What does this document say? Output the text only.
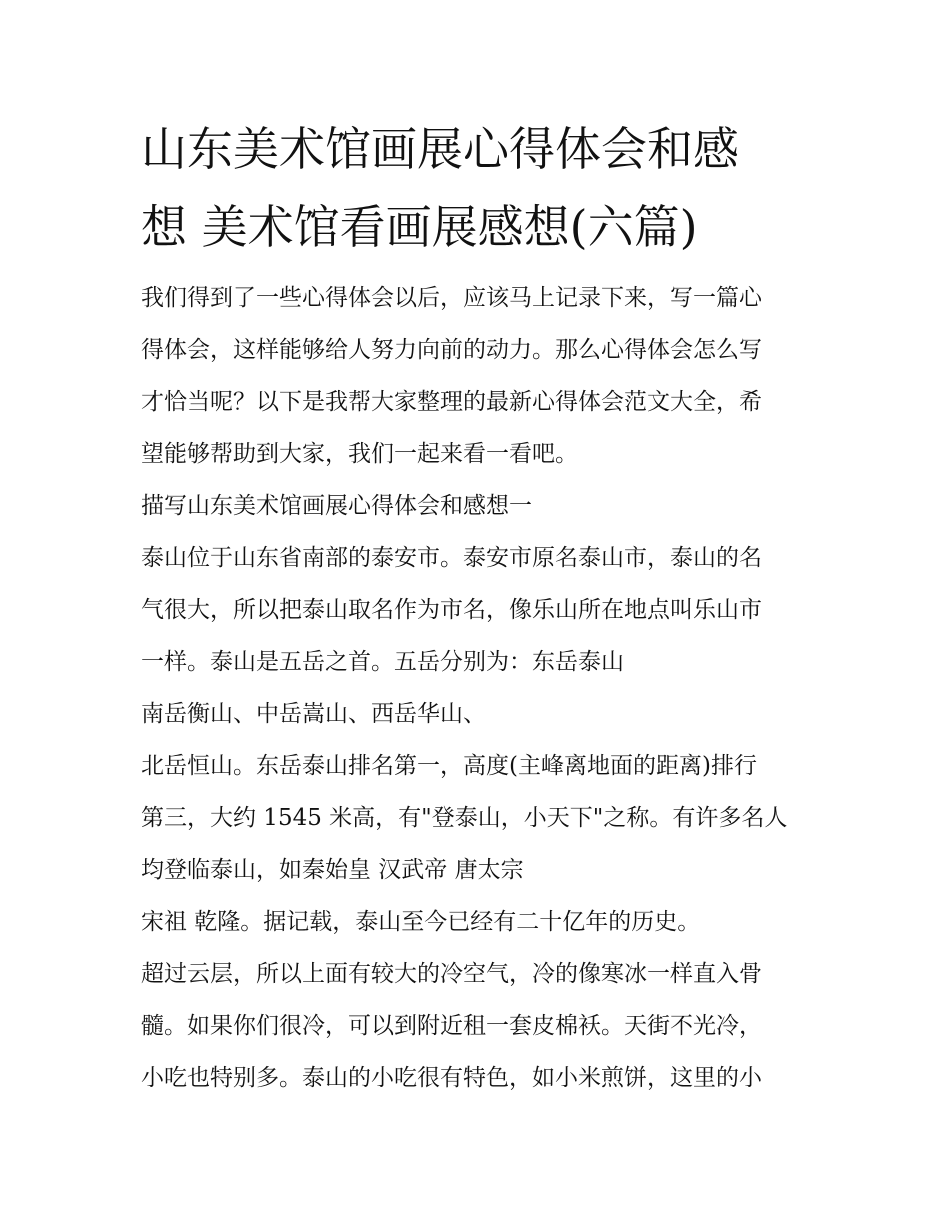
山东美术馆画展心得体会和感
想 美术馆看画展感想(六篇)

我们得到了一些心得体会以后，应该马上记录下来，写一篇心

得体会，这样能够给人努力向前的动力。那么心得体会怎么写

才恰当呢？以下是我帮大家整理的最新心得体会范文大全，希

望能够帮助到大家，我们一起来看一看吧。

描写山东美术馆画展心得体会和感想一

泰山位于山东省南部的泰安市。泰安市原名泰山市，泰山的名

气很大，所以把泰山取名作为市名，像乐山所在地点叫乐山市

一样。泰山是五岳之首。五岳分别为：东岳泰山

南岳衡山、中岳嵩山、西岳华山、

北岳恒山。东岳泰山排名第一，高度(主峰离地面的距离)排行

第三，大约 1545 米高，有"登泰山，小天下"之称。有许多名人

均登临泰山，如秦始皇 汉武帝 唐太宗

宋祖 乾隆。据记载，泰山至今已经有二十亿年的历史。

超过云层，所以上面有较大的冷空气，冷的像寒冰一样直入骨

髓。如果你们很冷，可以到附近租一套皮棉袄。天街不光冷，

小吃也特别多。泰山的小吃很有特色，如小米煎饼，这里的小
